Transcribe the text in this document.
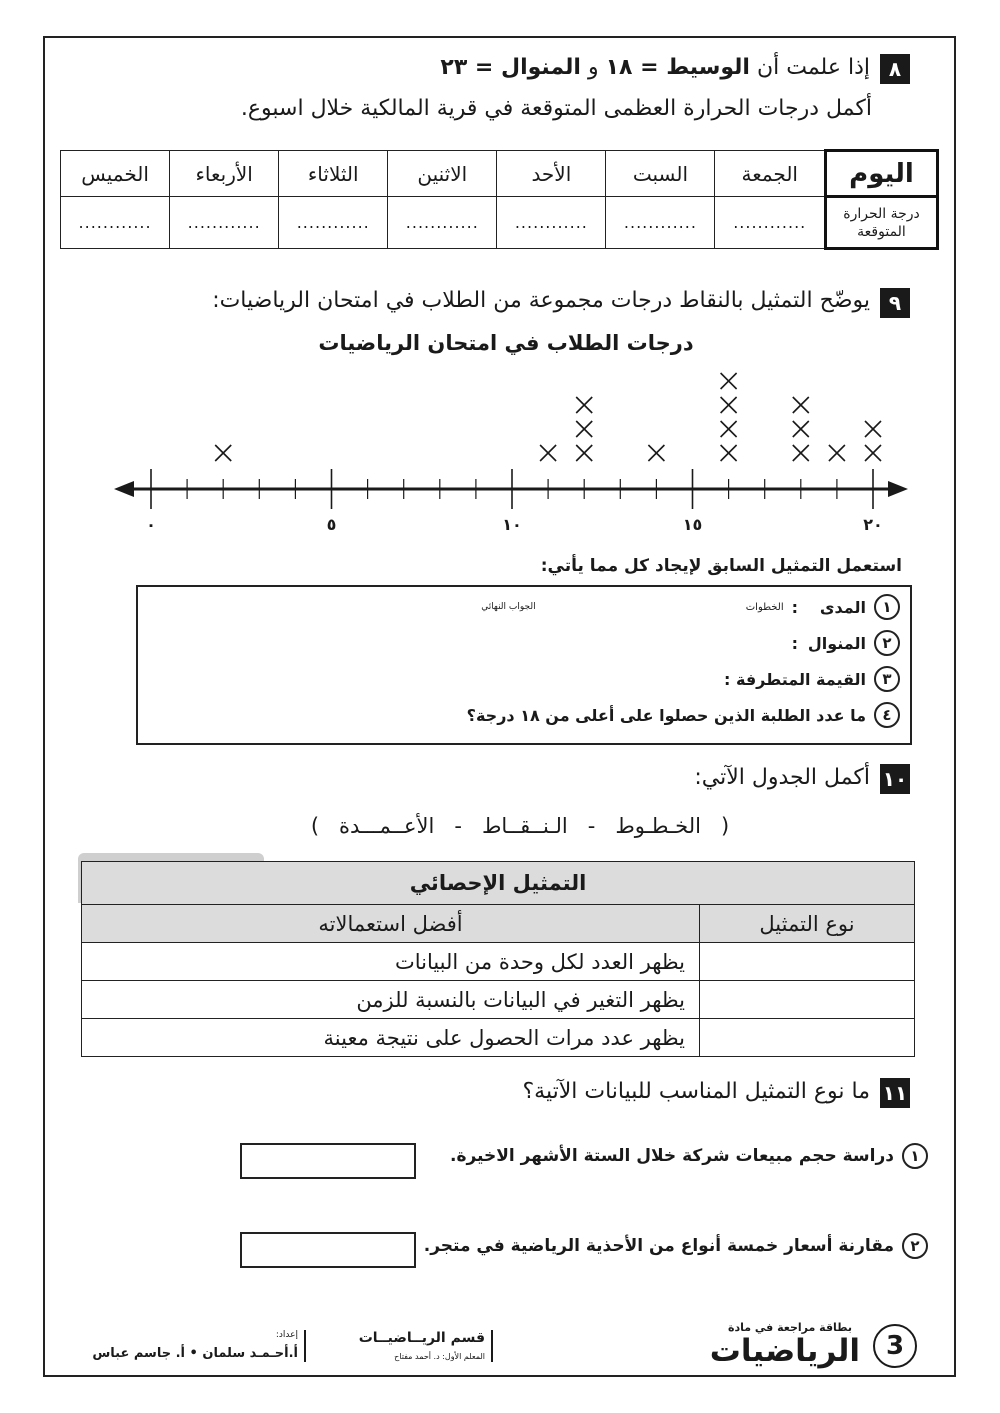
٨
إذا علمت أن الوسيط = ١٨ و المنوال = ٢٣
أكمل درجات الحرارة العظمى المتوقعة في قرية المالكية خلال اسبوع.
اليوم	الجمعة	السبت	الأحد	الاثنين	الثلاثاء	الأربعاء	الخميس
درجة الحرارة المتوقعة	............	............	............	............	............	............	............
٩
يوضّح التمثيل بالنقاط درجات مجموعة من الطلاب في امتحان الرياضيات:
درجات الطلاب في امتحان الرياضيات
٠	٥	١٠	١٥	٢٠
استعمل التمثيل السابق لإيجاد كل مما يأتي:
١
المدى
:
الخطوات
الجواب النهائي
٢
المنوال
:
٣
القيمة المتطرفة :
٤
ما عدد الطلبة الذين حصلوا على أعلى من ١٨ درجة؟
١٠
أكمل الجدول الآتي:
(   الخـطـوط   -   الـنــقــاط   -   الأعــمـــدة   )
التمثيل الإحصائي	
نوع التمثيل	أفضل استعمالاته
	يظهر العدد لكل وحدة من البيانات
	يظهر التغير في البيانات بالنسبة للزمن
	يظهر عدد مرات الحصول على نتيجة معينة
١١
ما نوع التمثيل المناسب للبيانات الآتية؟
١
دراسة حجم مبيعات شركة خلال الستة الأشهر الاخيرة.
٢
مقارنة أسعار خمسة أنواع من الأحذية الرياضية في متجر.
3
بطاقة مراجعة في مادة
الرياضيات
قسم الريــاضيــات
المعلم الأول: د. أحمد مفتاح
إعداد:
أ.أحـمـد سلمان • أ. جاسم عباس
